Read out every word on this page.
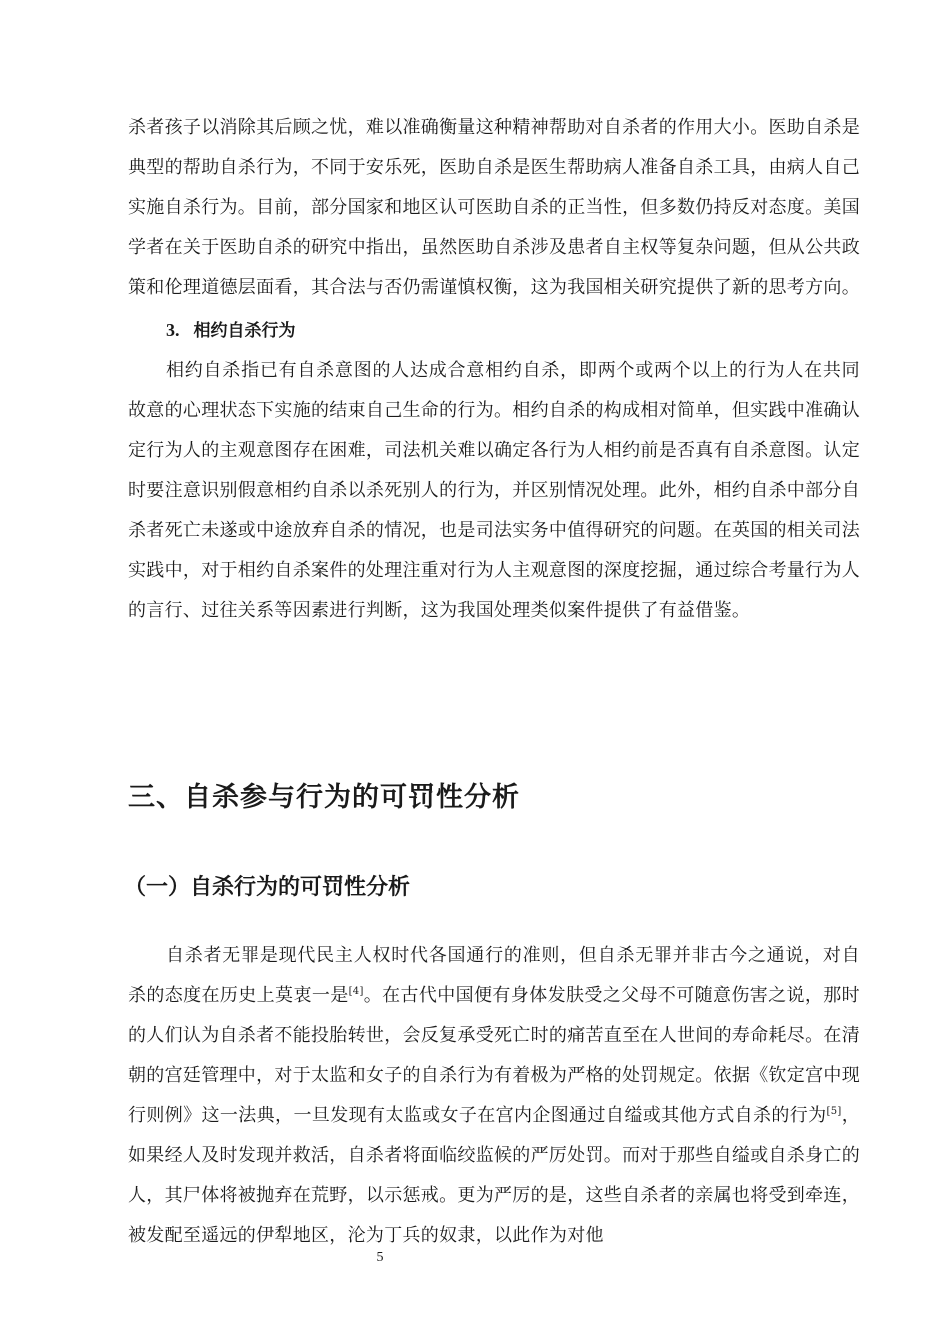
杀者孩子以消除其后顾之忧，难以准确衡量这种精神帮助对自杀者的作用大小。医助自杀是典型的帮助自杀行为，不同于安乐死，医助自杀是医生帮助病人准备自杀工具，由病人自己实施自杀行为。目前，部分国家和地区认可医助自杀的正当性，但多数仍持反对态度。美国学者在关于医助自杀的研究中指出，虽然医助自杀涉及患者自主权等复杂问题，但从公共政策和伦理道德层面看，其合法与否仍需谨慎权衡，这为我国相关研究提供了新的思考方向。

3. 相约自杀行为

相约自杀指已有自杀意图的人达成合意相约自杀，即两个或两个以上的行为人在共同故意的心理状态下实施的结束自己生命的行为。相约自杀的构成相对简单，但实践中准确认定行为人的主观意图存在困难，司法机关难以确定各行为人相约前是否真有自杀意图。认定时要注意识别假意相约自杀以杀死别人的行为，并区别情况处理。此外，相约自杀中部分自杀者死亡未遂或中途放弃自杀的情况，也是司法实务中值得研究的问题。在英国的相关司法实践中，对于相约自杀案件的处理注重对行为人主观意图的深度挖掘，通过综合考量行为人的言行、过往关系等因素进行判断，这为我国处理类似案件提供了有益借鉴。

三、自杀参与行为的可罚性分析
（一）自杀行为的可罚性分析

自杀者无罪是现代民主人权时代各国通行的准则，但自杀无罪并非古今之通说，对自杀的态度在历史上莫衷一是[4]。在古代中国便有身体发肤受之父母不可随意伤害之说，那时的人们认为自杀者不能投胎转世，会反复承受死亡时的痛苦直至在人世间的寿命耗尽。在清朝的宫廷管理中，对于太监和女子的自杀行为有着极为严格的处罚规定。依据《钦定宫中现行则例》这一法典，一旦发现有太监或女子在宫内企图通过自缢或其他方式自杀的行为[5]，如果经人及时发现并救活，自杀者将面临绞监候的严厉处罚。而对于那些自缢或自杀身亡的人，其尸体将被抛弃在荒野，以示惩戒。更为严厉的是，这些自杀者的亲属也将受到牵连，被发配至遥远的伊犁地区，沦为丁兵的奴隶，以此作为对他

5
